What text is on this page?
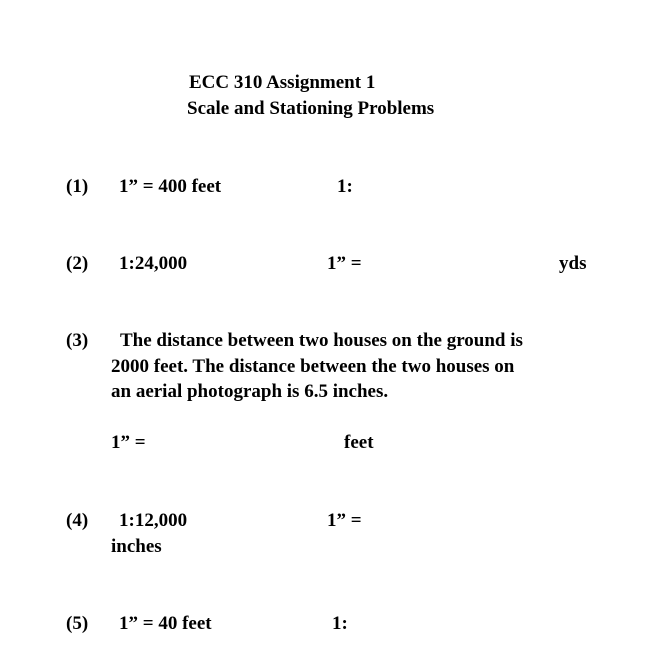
ECC 310 Assignment 1
Scale and Stationing Problems
(1) 1” = 400 feet	1:
(2) 1:24,000	1” =	yds
(3) The distance between two houses on the ground is
2000 feet. The distance between the two houses on
an aerial photograph is 6.5 inches.
1” =	feet
(4) 1:12,000	1” =
inches
(5) 1” = 40 feet	1:
